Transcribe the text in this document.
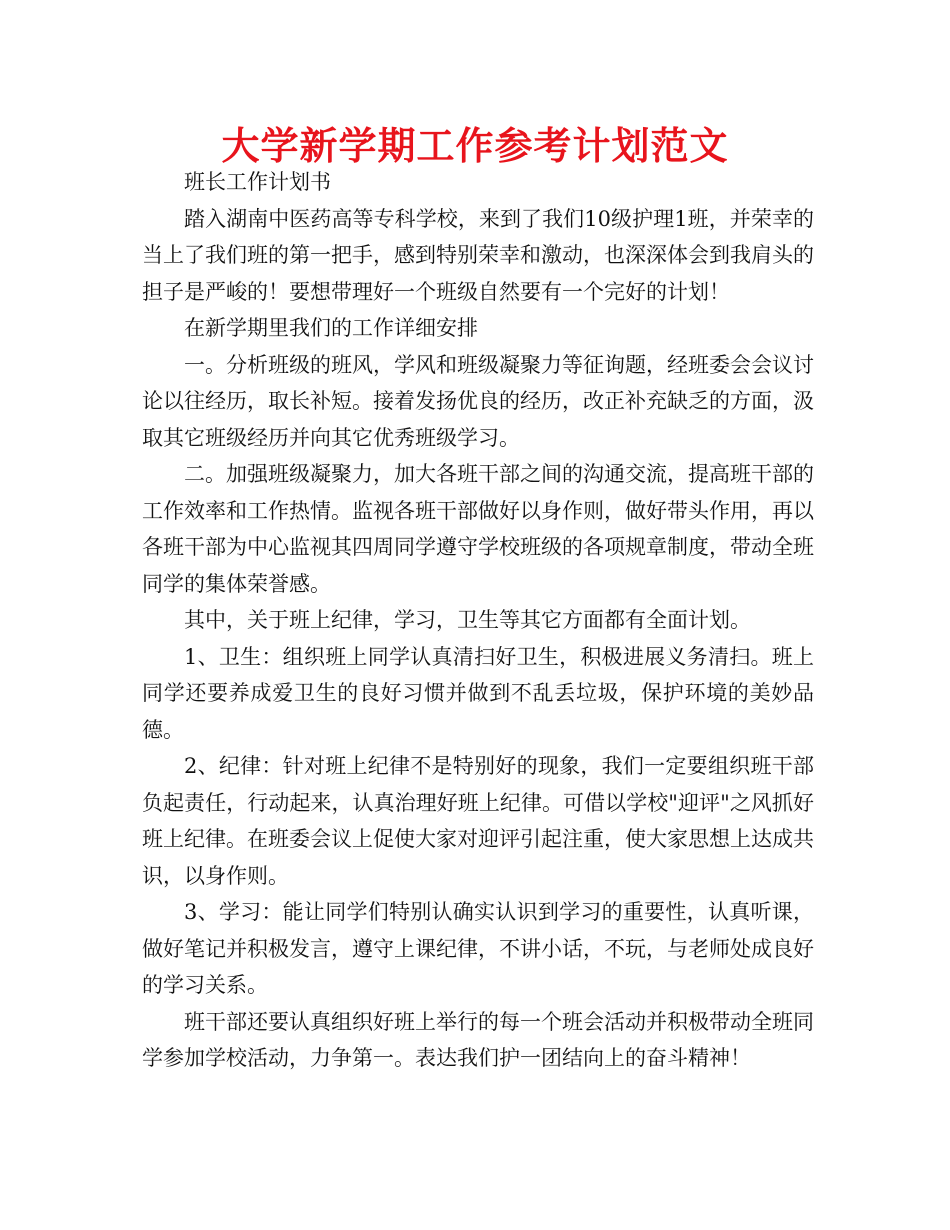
大学新学期工作参考计划范文

班长工作计划书

踏入湖南中医药高等专科学校，来到了我们10级护理1班，并荣幸的当上了我们班的第一把手，感到特别荣幸和激动，也深深体会到我肩头的担子是严峻的！要想带理好一个班级自然要有一个完好的计划！

在新学期里我们的工作详细安排

一。分析班级的班风，学风和班级凝聚力等征询题，经班委会会议讨论以往经历，取长补短。接着发扬优良的经历，改正补充缺乏的方面，汲取其它班级经历并向其它优秀班级学习。

二。加强班级凝聚力，加大各班干部之间的沟通交流，提高班干部的工作效率和工作热情。监视各班干部做好以身作则，做好带头作用，再以各班干部为中心监视其四周同学遵守学校班级的各项规章制度，带动全班同学的集体荣誉感。

其中，关于班上纪律，学习，卫生等其它方面都有全面计划。

1、卫生：组织班上同学认真清扫好卫生，积极进展义务清扫。班上同学还要养成爱卫生的良好习惯并做到不乱丢垃圾，保护环境的美妙品德。

2、纪律：针对班上纪律不是特别好的现象，我们一定要组织班干部负起责任，行动起来，认真治理好班上纪律。可借以学校"迎评"之风抓好班上纪律。在班委会议上促使大家对迎评引起注重，使大家思想上达成共识，以身作则。

3、学习：能让同学们特别认确实认识到学习的重要性，认真听课，做好笔记并积极发言，遵守上课纪律，不讲小话，不玩，与老师处成良好的学习关系。

班干部还要认真组织好班上举行的每一个班会活动并积极带动全班同学参加学校活动，力争第一。表达我们护一团结向上的奋斗精神！
